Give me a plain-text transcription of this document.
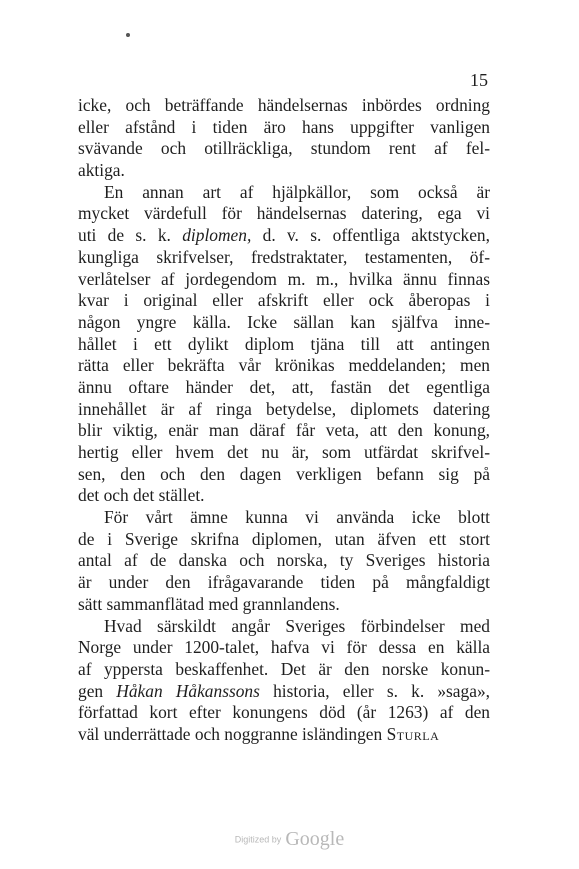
15
icke, och beträffande händelsernas inbördes ordning
eller afstånd i tiden äro hans uppgifter vanligen
svävande och otillräckliga, stundom rent af fel-
aktiga.
En annan art af hjälpkällor, som också är
mycket värdefull för händelsernas datering, ega vi
uti de s. k. diplomen, d. v. s. offentliga aktstycken,
kungliga skrifvelser, fredstraktater, testamenten, öf-
verlåtelser af jordegendom m. m., hvilka ännu finnas
kvar i original eller afskrift eller ock åberopas i
någon yngre källa. Icke sällan kan själfva inne-
hållet i ett dylikt diplom tjäna till att antingen
rätta eller bekräfta vår krönikas meddelanden; men
ännu oftare händer det, att, fastän det egentliga
innehållet är af ringa betydelse, diplomets datering
blir viktig, enär man däraf får veta, att den konung,
hertig eller hvem det nu är, som utfärdat skrifvel-
sen, den och den dagen verkligen befann sig på
det och det stället.
För vårt ämne kunna vi använda icke blott
de i Sverige skrifna diplomen, utan äfven ett stort
antal af de danska och norska, ty Sveriges historia
är under den ifrågavarande tiden på mångfaldigt
sätt sammanflätad med grannlandens.
Hvad särskildt angår Sveriges förbindelser med
Norge under 1200-talet, hafva vi för dessa en källa
af yppersta beskaffenhet. Det är den norske konun-
gen Håkan Håkanssons historia, eller s. k. »saga»,
författad kort efter konungens död (år 1263) af den
väl underrättade och noggranne isländingen Sturla
Digitized by Google
